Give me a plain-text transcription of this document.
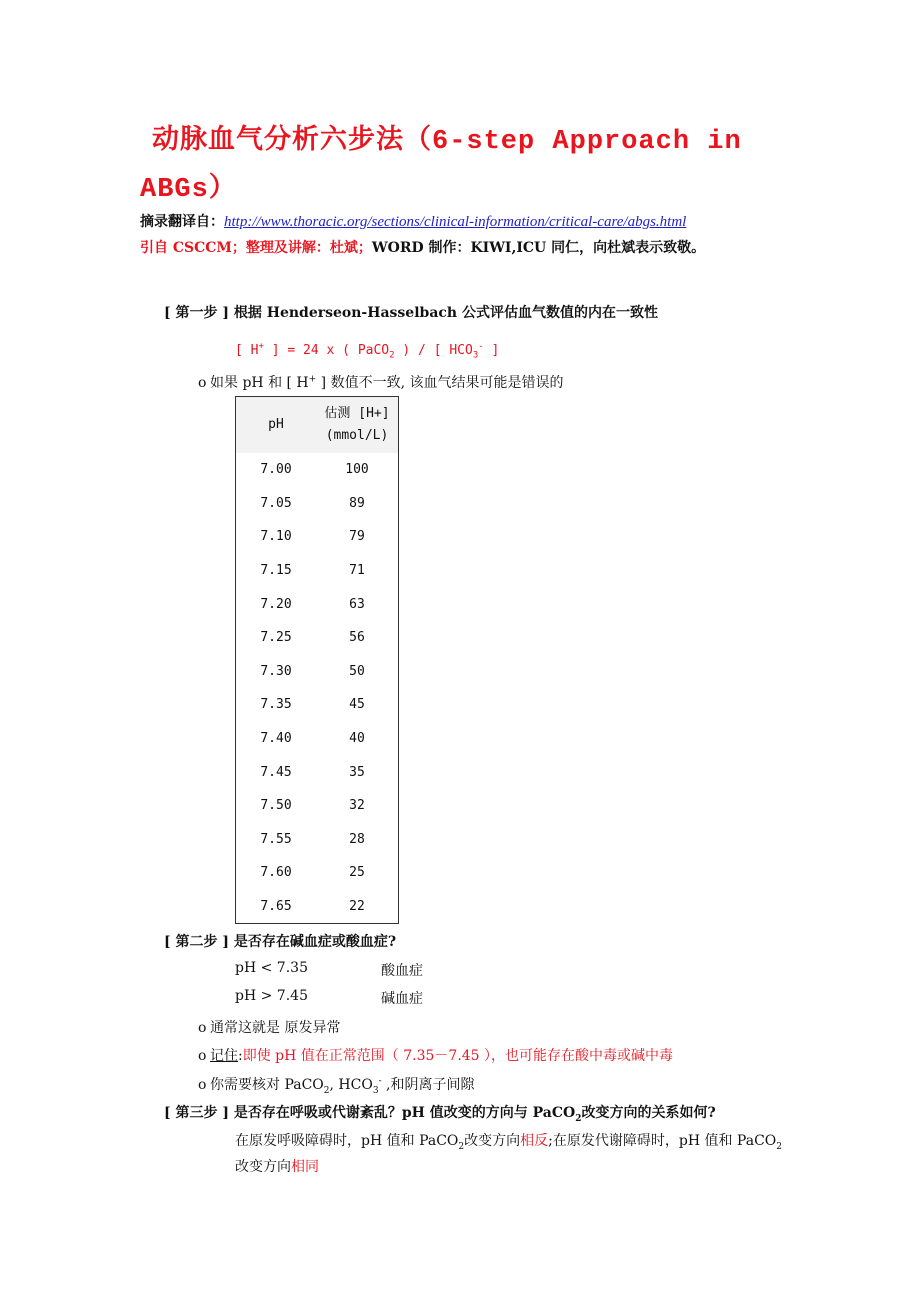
动脉血气分析六步法（6-step Approach in ABGs）
摘录翻译自：http://www.thoracic.org/sections/clinical-information/critical-care/abgs.html
引自 CSCCM；整理及讲解：杜斌；WORD 制作：KIWI,ICU 同仁，向杜斌表示致敬。
[ 第一步 ] 根据 Henderseon-Hasselbach 公式评估血气数值的内在一致性
[ H+ ] = 24 x ( PaCO$_2$ ) / [ $HCO_3^-$ ]
o 如果 pH 和 [ H+ ] 数值不一致, 该血气结果可能是错误的
pH	估测 [H+]
(mmol/L)
7.00	100
7.05	89
7.10	79
7.15	71
7.20	63
7.25	56
7.30	50
7.35	45
7.40	40
7.45	35
7.50	32
7.55	28
7.60	25
7.65	22
[ 第二步 ] 是否存在碱血症或酸血症?
pH < 7.35	酸血症
pH > 7.45	碱血症
o 通常这就是 原发异常
o 记住:即使 pH 值在正常范围（ 7.35－7.45 ），也可能存在酸中毒或碱中毒
o 你需要核对 PaCO$_2$, $HCO_3^-$ ,和阴离子间隙
[ 第三步 ] 是否存在呼吸或代谢紊乱？pH 值改变的方向与 PaCO$_2$改变方向的关系如何?
在原发呼吸障碍时，pH 值和 PaCO$_2$改变方向相反;在原发代谢障碍时，pH 值和 PaCO$_2$改变方向相同
